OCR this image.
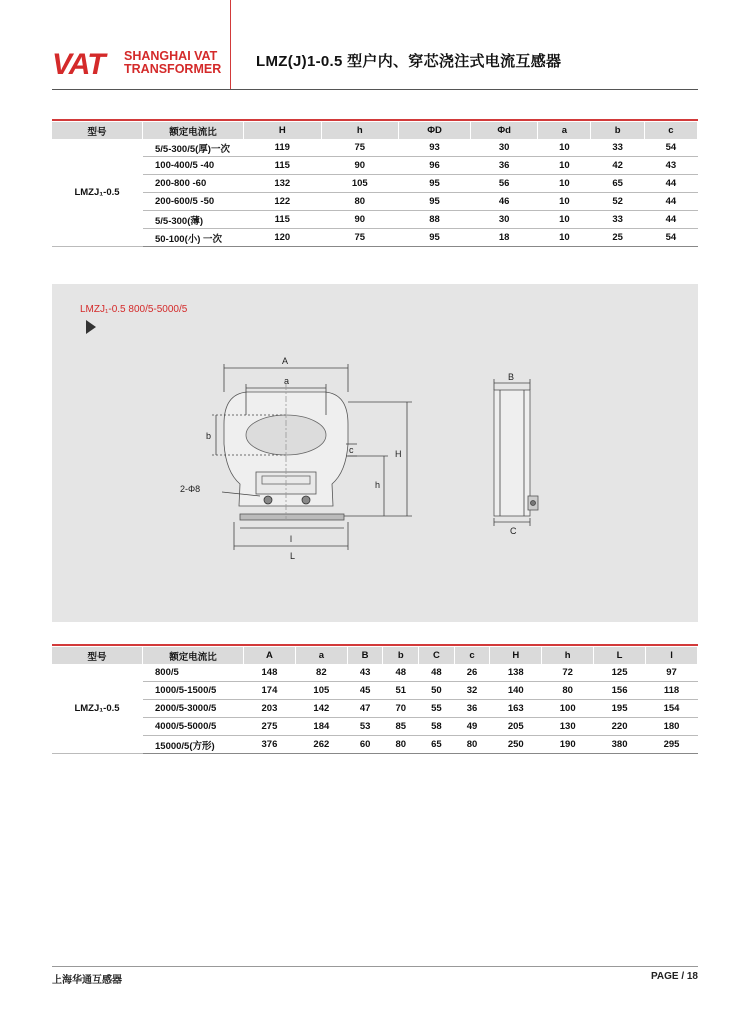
VAT SHANGHAI VAT
TRANSFORMER LMZ(J)1-0.5 型户内、穿芯浇注式电流互感器
型号	额定电流比	H	h	ΦD	Φd	a	b	c
LMZJ₁-0.5	5/5-300/5(厚)一次	119	75	93	30	10	33	54
	100-400/5 -40	115	90	96	36	10	42	43
	200-800 -60	132	105	95	56	10	65	44
	200-600/5 -50	122	80	95	46	10	52	44
	5/5-300(薄)	115	90	88	30	10	33	44
	50-100(小) 一次	120	75	95	18	10	25	54
LMZJ₁-0.5 800/5-5000/5
A
a
b
c	H
h
l
L
2-Φ8
B
C
型号	额定电流比	A	a	B	b	C	c	H	h	L	l
LMZJ₁-0.5	800/5	148	82	43	48	48	26	138	72	125	97
	1000/5-1500/5	174	105	45	51	50	32	140	80	156	118
	2000/5-3000/5	203	142	47	70	55	36	163	100	195	154
	4000/5-5000/5	275	184	53	85	58	49	205	130	220	180
	15000/5(方形)	376	262	60	80	65	80	250	190	380	295
上海华通互感器	PAGE / 18
